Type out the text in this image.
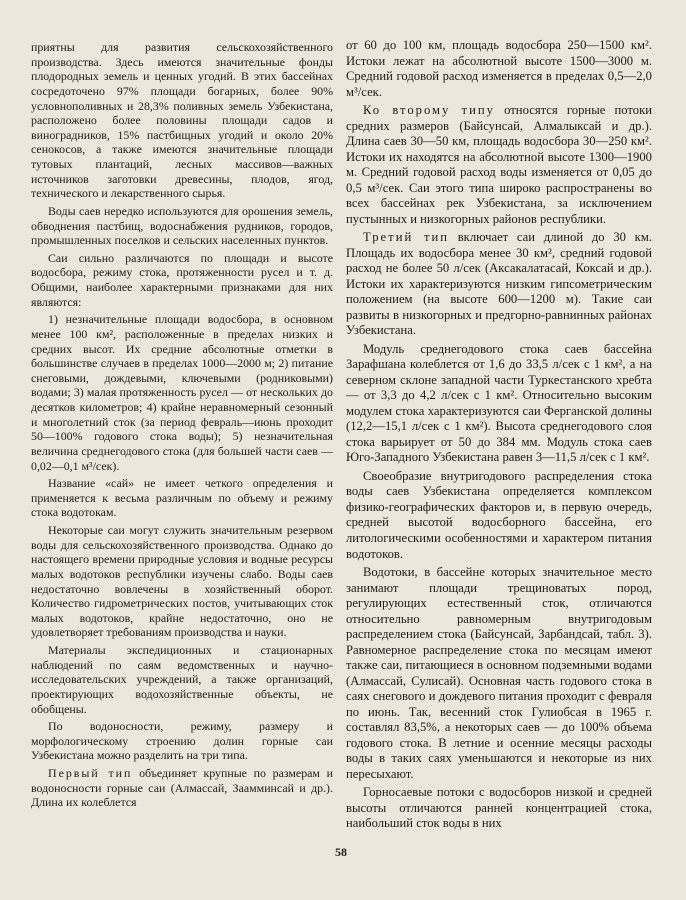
приятны для развития сельскохозяйственного производства. Здесь имеются значительные фонды плодородных земель и ценных угодий. В этих бассейнах сосредоточено 97% площади богарных, более 90% условнополивных и 28,3% поливных земель Узбекистана, расположено более половины площади садов и виноградников, 15% пастбищных угодий и около 20% сенокосов, а также имеются значительные площади тутовых плантаций, лесных массивов—важных источников заготовки древесины, плодов, ягод, технического и лекарственного сырья.

Воды саев нередко используются для орошения земель, обводнения пастбищ, водоснабжения рудников, городов, промышленных поселков и сельских населенных пунктов.

Саи сильно различаются по площади и высоте водосбора, режиму стока, протяженности русел и т. д. Общими, наиболее характерными признаками для них являются:

1) незначительные площади водосбора, в основном менее 100 км², расположенные в пределах низких и средних высот. Их средние абсолютные отметки в большинстве случаев в пределах 1000—2000 м; 2) питание снеговыми, дождевыми, ключевыми (родниковыми) водами; 3) малая протяженность русел — от нескольких до десятков километров; 4) крайне неравномерный сезонный и многолетний сток (за период февраль—июнь проходит 50—100% годового стока воды); 5) незначительная величина среднегодового стока (для большей части саев — 0,02—0,1 м³/сек).

Название «сай» не имеет четкого определения и применяется к весьма различным по объему и режиму стока водотокам.

Некоторые саи могут служить значительным резервом воды для сельскохозяйственного производства. Однако до настоящего времени природные условия и водные ресурсы малых водотоков республики изучены слабо. Воды саев недостаточно вовлечены в хозяйственный оборот. Количество гидрометрических постов, учитывающих сток малых водотоков, крайне недостаточно, оно не удовлетворяет требованиям производства и науки.

Материалы экспедиционных и стационарных наблюдений по саям ведомственных и научно-исследовательских учреждений, а также организаций, проектирующих водохозяйственные объекты, не обобщены.

По водоносности, режиму, размеру и морфологическому строению долин горные саи Узбекистана можно разделить на три типа.

Первый тип объединяет крупные по размерам и водоносности горные саи (Алмассай, Заамминсай и др.). Длина их колеблется

от 60 до 100 км, площадь водосбора 250—1500 км². Истоки лежат на абсолютной высоте 1500—3000 м. Средний годовой расход изменяется в пределах 0,5—2,0 м³/сек.

Ко второму типу относятся горные потоки средних размеров (Байсунсай, Алмалыксай и др.). Длина саев 30—50 км, площадь водосбора 30—250 км². Истоки их находятся на абсолютной высоте 1300—1900 м. Средний годовой расход воды изменяется от 0,05 до 0,5 м³/сек. Саи этого типа широко распространены во всех бассейнах рек Узбекистана, за исключением пустынных и низкогорных районов республики.

Третий тип включает саи длиной до 30 км. Площадь их водосбора менее 30 км², средний годовой расход не более 50 л/сек (Аксакалатасай, Коксай и др.). Истоки их характеризуются низким гипсометрическим положением (на высоте 600—1200 м). Такие саи развиты в низкогорных и предгорно-равнинных районах Узбекистана.

Модуль среднегодового стока саев бассейна Зарафшана колеблется от 1,6 до 33,5 л/сек с 1 км², а на северном склоне западной части Туркестанского хребта — от 3,3 до 4,2 л/сек с 1 км². Относительно высоким модулем стока характеризуются саи Ферганской долины (12,2—15,1 л/сек с 1 км²). Высота среднегодового слоя стока варьирует от 50 до 384 мм. Модуль стока саев Юго-Западного Узбекистана равен 3—11,5 л/сек с 1 км².

Своеобразие внутригодового распределения стока воды саев Узбекистана определяется комплексом физико-географических факторов и, в первую очередь, средней высотой водосборного бассейна, его литологическими особенностями и характером питания водотоков.

Водотоки, в бассейне которых значительное место занимают площади трещиноватых пород, регулирующих естественный сток, отличаются относительно равномерным внутригодовым распределением стока (Байсунсай, Зарбандсай, табл. 3). Равномерное распределение стока по месяцам имеют также саи, питающиеся в основном подземными водами (Алмассай, Сулисай). Основная часть годового стока в саях снегового и дождевого питания проходит с февраля по июнь. Так, весенний сток Гулиобсая в 1965 г. составлял 83,5%, а некоторых саев — до 100% объема годового стока. В летние и осенние месяцы расходы воды в таких саях уменьшаются и некоторые из них пересыхают.

Горносаевые потоки с водосборов низкой и средней высоты отличаются ранней концентрацией стока, наибольший сток воды в них

58
